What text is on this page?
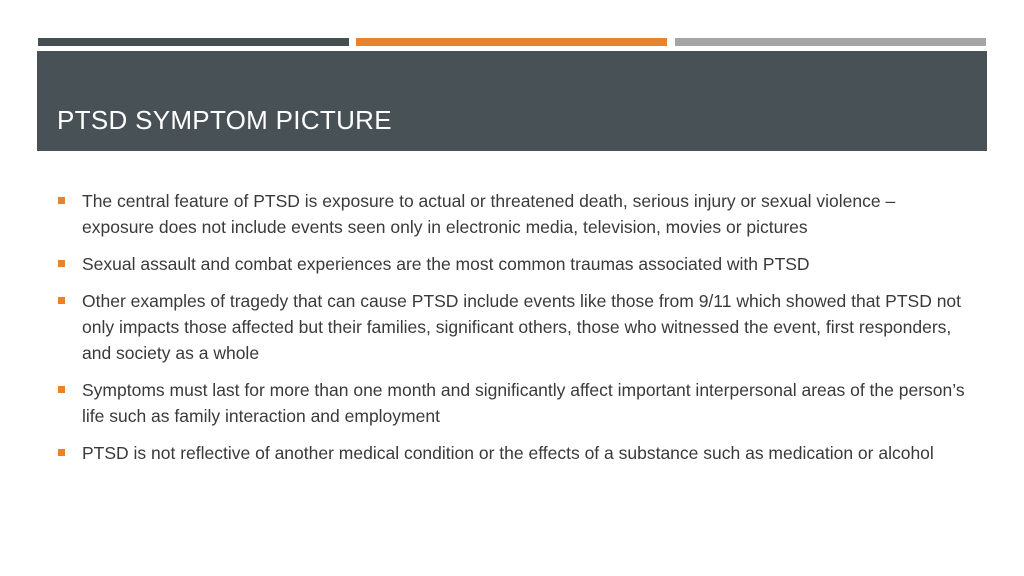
PTSD SYMPTOM PICTURE
The central feature of PTSD is exposure to actual or threatened death, serious injury or sexual violence – exposure does not include events seen only in electronic media, television, movies or pictures
Sexual assault and combat experiences are the most common traumas associated with PTSD
Other examples of tragedy that can cause PTSD include events like those from 9/11 which showed that PTSD not only impacts those affected but their families, significant others, those who witnessed the event, first responders, and society as a whole
Symptoms must last for more than one month and significantly affect important interpersonal areas of the person’s life such as family interaction and employment
PTSD is not reflective of another medical condition or the effects of a substance such as medication or alcohol
